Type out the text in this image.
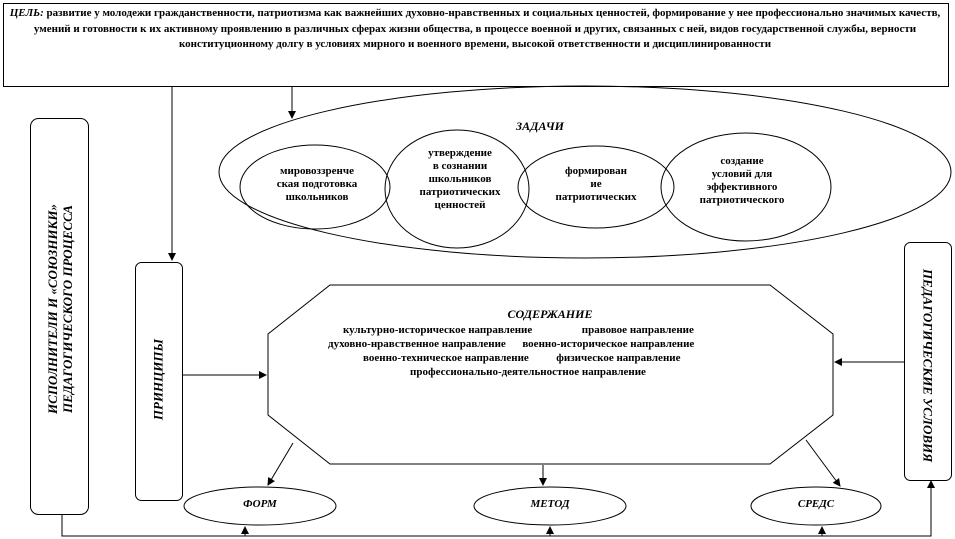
ЦЕЛЬ: развитие у молодежи гражданственности, патриотизма как важнейших духовно-нравственных и социальных ценностей, формирование у нее профессионально значимых качеств, умений и готовности к их активному проявлению в различных сферах жизни общества, в процессе военной и других, связанных с ней, видов государственной службы, верности конституционному долгу в условиях мирного и военного времени, высокой ответственности и дисциплинированности
ЗАДАЧИ
мировоззренче
ская подготовка
школьников
утверждение
в сознании
школьников
патриотических
ценностей
формирован
ие
патриотических
создание
условий для
эффективного
патриотического
ИСПОЛНИТЕЛИ И «СОЮЗНИКИ» ПЕДАГОГИЧЕСКОГО ПРОЦЕССА	ПРИНЦИПЫ	ПЕДАГОГИЧЕСКИЕ УСЛОВИЯ
СОДЕРЖАНИЕ
культурно-историческое направление                  правовое направление
духовно-нравственное направление      военно-историческое направление
военно-техническое направление          физическое направление
профессионально-деятельностное направление
ФОРМ	МЕТОД	СРЕДС
